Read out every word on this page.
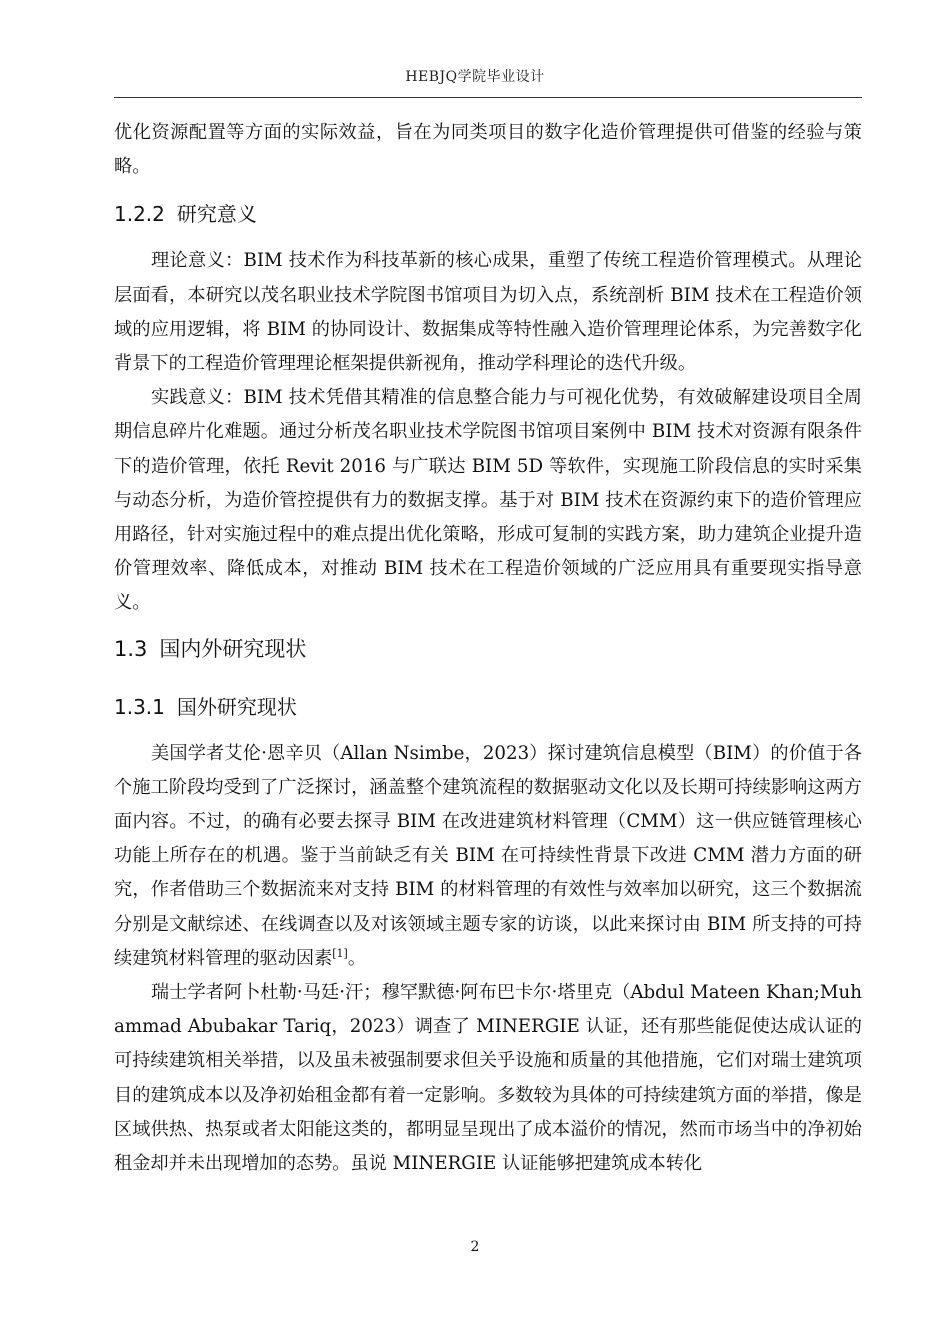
HEBJQ学院毕业设计

优化资源配置等方面的实际效益，旨在为同类项目的数字化造价管理提供可借鉴的经验与策略。

1.2.2 研究意义

理论意义：BIM 技术作为科技革新的核心成果，重塑了传统工程造价管理模式。从理论层面看，本研究以茂名职业技术学院图书馆项目为切入点，系统剖析 BIM 技术在工程造价领域的应用逻辑，将 BIM 的协同设计、数据集成等特性融入造价管理理论体系，为完善数字化背景下的工程造价管理理论框架提供新视角，推动学科理论的迭代升级。

实践意义：BIM 技术凭借其精准的信息整合能力与可视化优势，有效破解建设项目全周期信息碎片化难题。通过分析茂名职业技术学院图书馆项目案例中 BIM 技术对资源有限条件下的造价管理，依托 Revit 2016 与广联达 BIM 5D 等软件，实现施工阶段信息的实时采集与动态分析，为造价管控提供有力的数据支撑。基于对 BIM 技术在资源约束下的造价管理应用路径，针对实施过程中的难点提出优化策略，形成可复制的实践方案，助力建筑企业提升造价管理效率、降低成本，对推动 BIM 技术在工程造价领域的广泛应用具有重要现实指导意义。

1.3 国内外研究现状
1.3.1 国外研究现状

美国学者艾伦·恩辛贝（Allan Nsimbe，2023）探讨建筑信息模型（BIM）的价值于各个施工阶段均受到了广泛探讨，涵盖整个建筑流程的数据驱动文化以及长期可持续影响这两方面内容。不过，的确有必要去探寻 BIM 在改进建筑材料管理（CMM）这一供应链管理核心功能上所存在的机遇。鉴于当前缺乏有关 BIM 在可持续性背景下改进 CMM 潜力方面的研究，作者借助三个数据流来对支持 BIM 的材料管理的有效性与效率加以研究，这三个数据流分别是文献综述、在线调查以及对该领域主题专家的访谈，以此来探讨由 BIM 所支持的可持续建筑材料管理的驱动因素[1]。

瑞士学者阿卜杜勒·马廷·汗；穆罕默德·阿布巴卡尔·塔里克（Abdul Mateen Khan;Muhammad Abubakar Tariq，2023）调查了 MINERGIE 认证，还有那些能促使达成认证的可持续建筑相关举措，以及虽未被强制要求但关乎设施和质量的其他措施，它们对瑞士建筑项目的建筑成本以及净初始租金都有着一定影响。多数较为具体的可持续建筑方面的举措，像是区域供热、热泵或者太阳能这类的，都明显呈现出了成本溢价的情况，然而市场当中的净初始租金却并未出现增加的态势。虽说 MINERGIE 认证能够把建筑成本转化

2
